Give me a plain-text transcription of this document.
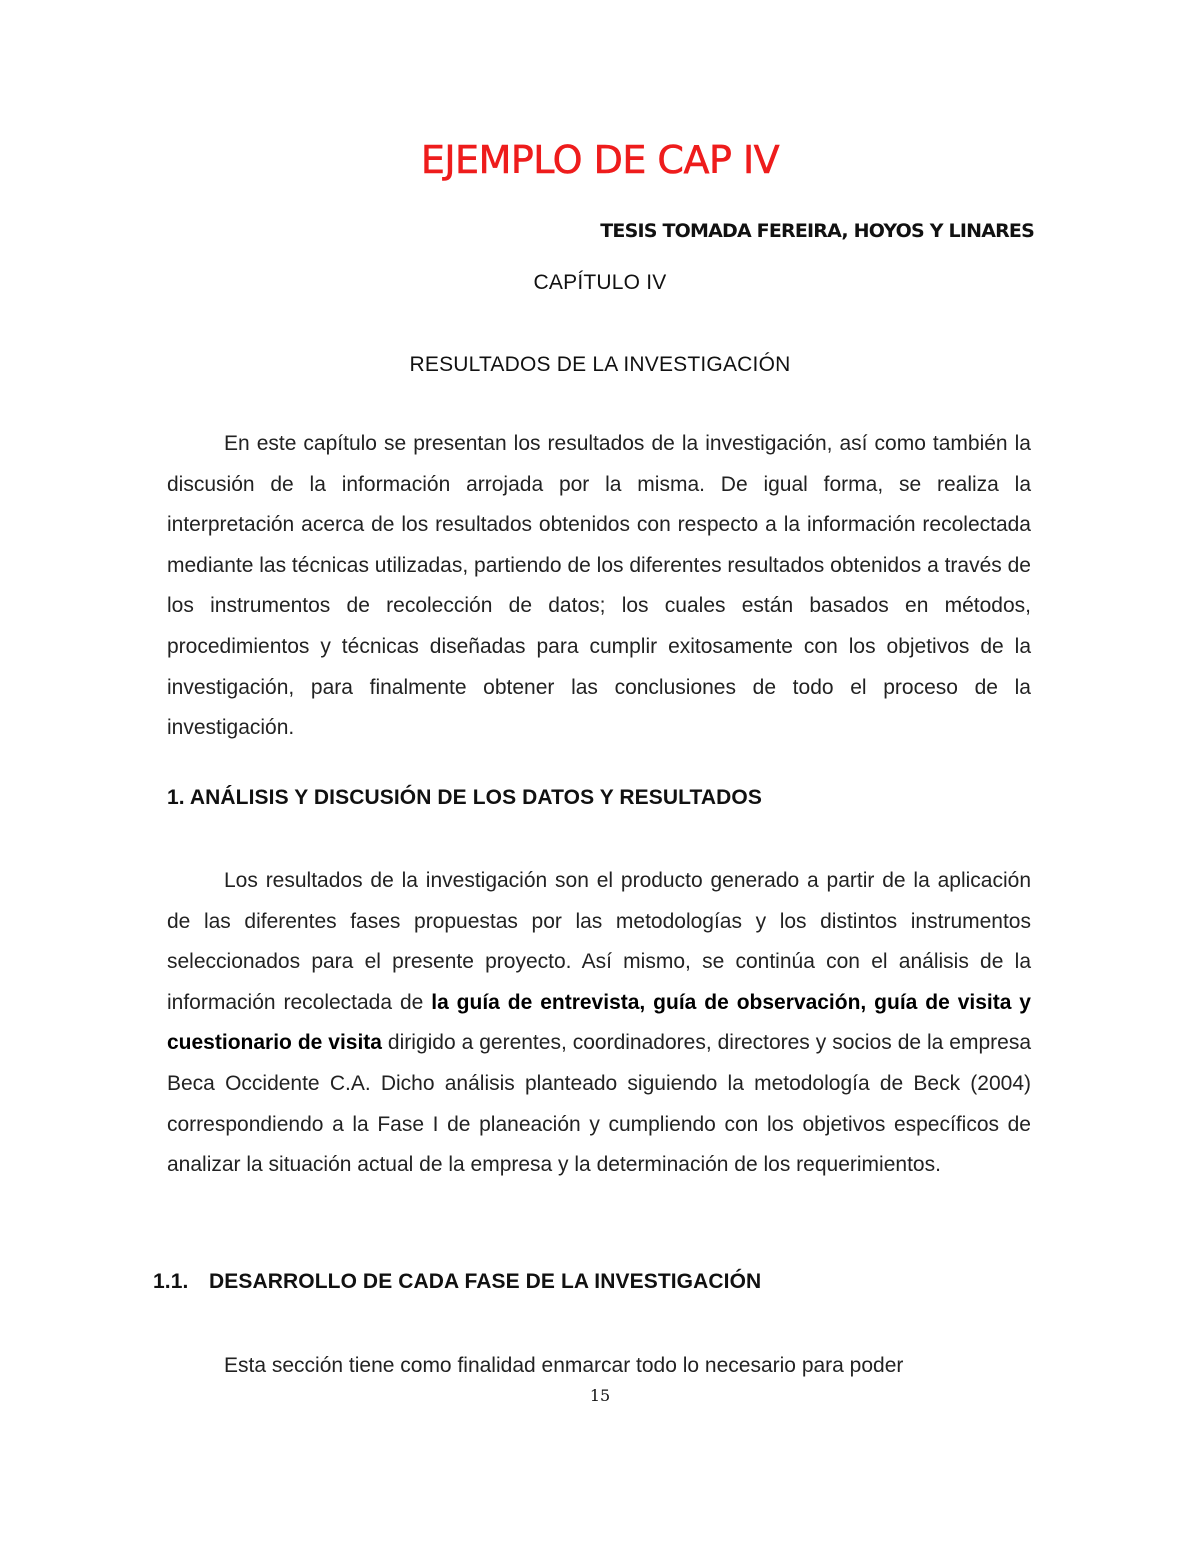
EJEMPLO DE CAP IV
TESIS TOMADA FEREIRA, HOYOS Y LINARES
CAPÍTULO IV
RESULTADOS DE LA INVESTIGACIÓN

En este capítulo se presentan los resultados de la investigación, así como también la discusión de la información arrojada por la misma. De igual forma, se realiza la interpretación acerca de los resultados obtenidos con respecto a la información recolectada mediante las técnicas utilizadas, partiendo de los diferentes resultados obtenidos a través de los instrumentos de recolección de datos; los cuales están basados en métodos, procedimientos y técnicas diseñadas para cumplir exitosamente con los objetivos de la investigación, para finalmente obtener las conclusiones de todo el proceso de la investigación.

1. ANÁLISIS Y DISCUSIÓN DE LOS DATOS Y RESULTADOS

Los resultados de la investigación son el producto generado a partir de la aplicación de las diferentes fases propuestas por las metodologías y los distintos instrumentos seleccionados para el presente proyecto. Así mismo, se continúa con el análisis de la información recolectada de la guía de entrevista, guía de observación, guía de visita y cuestionario de visita dirigido a gerentes, coordinadores, directores y socios de la empresa Beca Occidente C.A. Dicho análisis planteado siguiendo la metodología de Beck (2004) correspondiendo a la Fase I de planeación y cumpliendo con los objetivos específicos de analizar la situación actual de la empresa y la determinación de los requerimientos.

1.1. DESARROLLO DE CADA FASE DE LA INVESTIGACIÓN

Esta sección tiene como finalidad enmarcar todo lo necesario para poder

15
